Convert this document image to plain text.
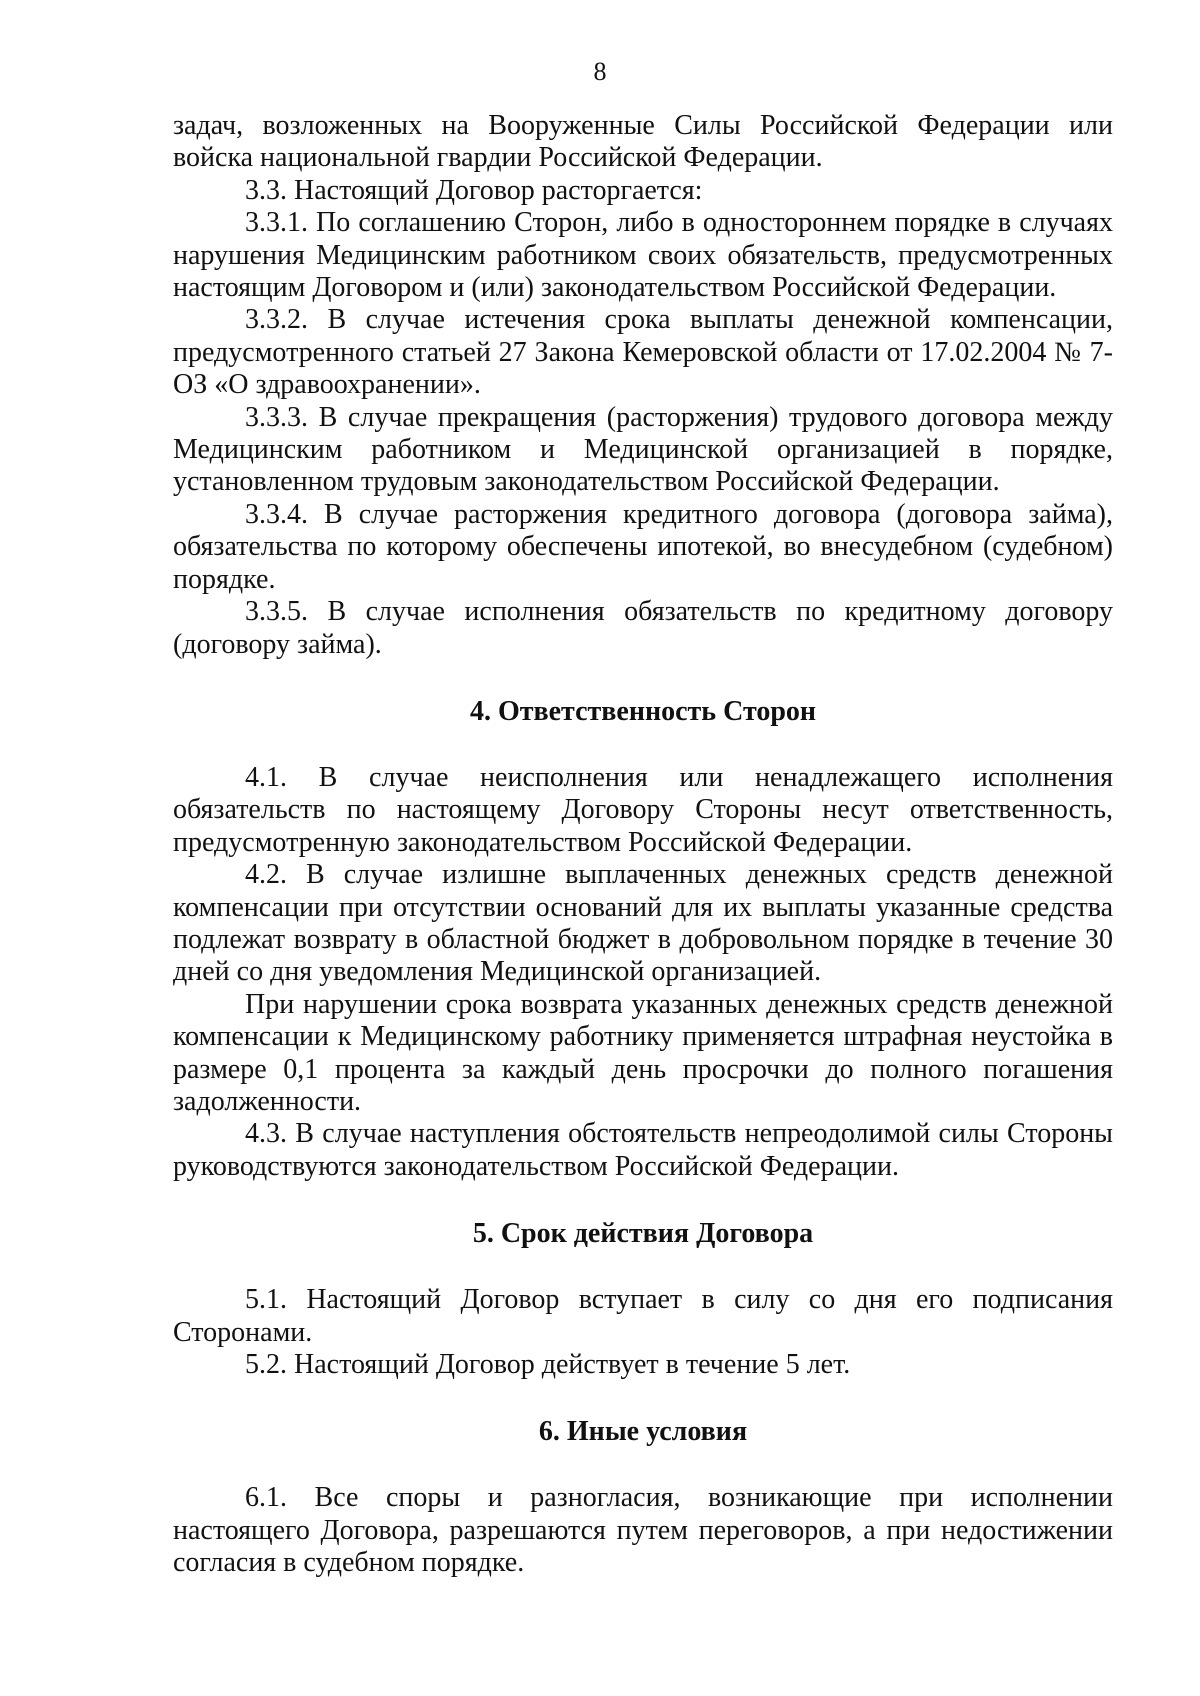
8

задач, возложенных на Вооруженные Силы Российской Федерации или войска национальной гвардии Российской Федерации.

3.3. Настоящий Договор расторгается:

3.3.1. По соглашению Сторон, либо в одностороннем порядке в случаях нарушения Медицинским работником своих обязательств, предусмотренных настоящим Договором и (или) законодательством Российской Федерации.

3.3.2. В случае истечения срока выплаты денежной компенсации, предусмотренного статьей 27 Закона Кемеровской области от 17.02.2004 № 7-ОЗ «О здравоохранении».

3.3.3. В случае прекращения (расторжения) трудового договора между Медицинским работником и Медицинской организацией в порядке, установленном трудовым законодательством Российской Федерации.

3.3.4. В случае расторжения кредитного договора (договора займа), обязательства по которому обеспечены ипотекой, во внесудебном (судебном) порядке.

3.3.5. В случае исполнения обязательств по кредитному договору (договору займа).

4. Ответственность Сторон

4.1. В случае неисполнения или ненадлежащего исполнения обязательств по настоящему Договору Стороны несут ответственность, предусмотренную законодательством Российской Федерации.

4.2. В случае излишне выплаченных денежных средств денежной компенсации при отсутствии оснований для их выплаты указанные средства подлежат возврату в областной бюджет в добровольном порядке в течение 30 дней со дня уведомления Медицинской организацией.

При нарушении срока возврата указанных денежных средств денежной компенсации к Медицинскому работнику применяется штрафная неустойка в размере 0,1 процента за каждый день просрочки до полного погашения задолженности.

4.3. В случае наступления обстоятельств непреодолимой силы Стороны руководствуются законодательством Российской Федерации.

5. Срок действия Договора

5.1. Настоящий Договор вступает в силу со дня его подписания Сторонами.

5.2. Настоящий Договор действует в течение 5 лет.

6. Иные условия

6.1. Все споры и разногласия, возникающие при исполнении настоящего Договора, разрешаются путем переговоров, а при недостижении согласия в судебном порядке.
